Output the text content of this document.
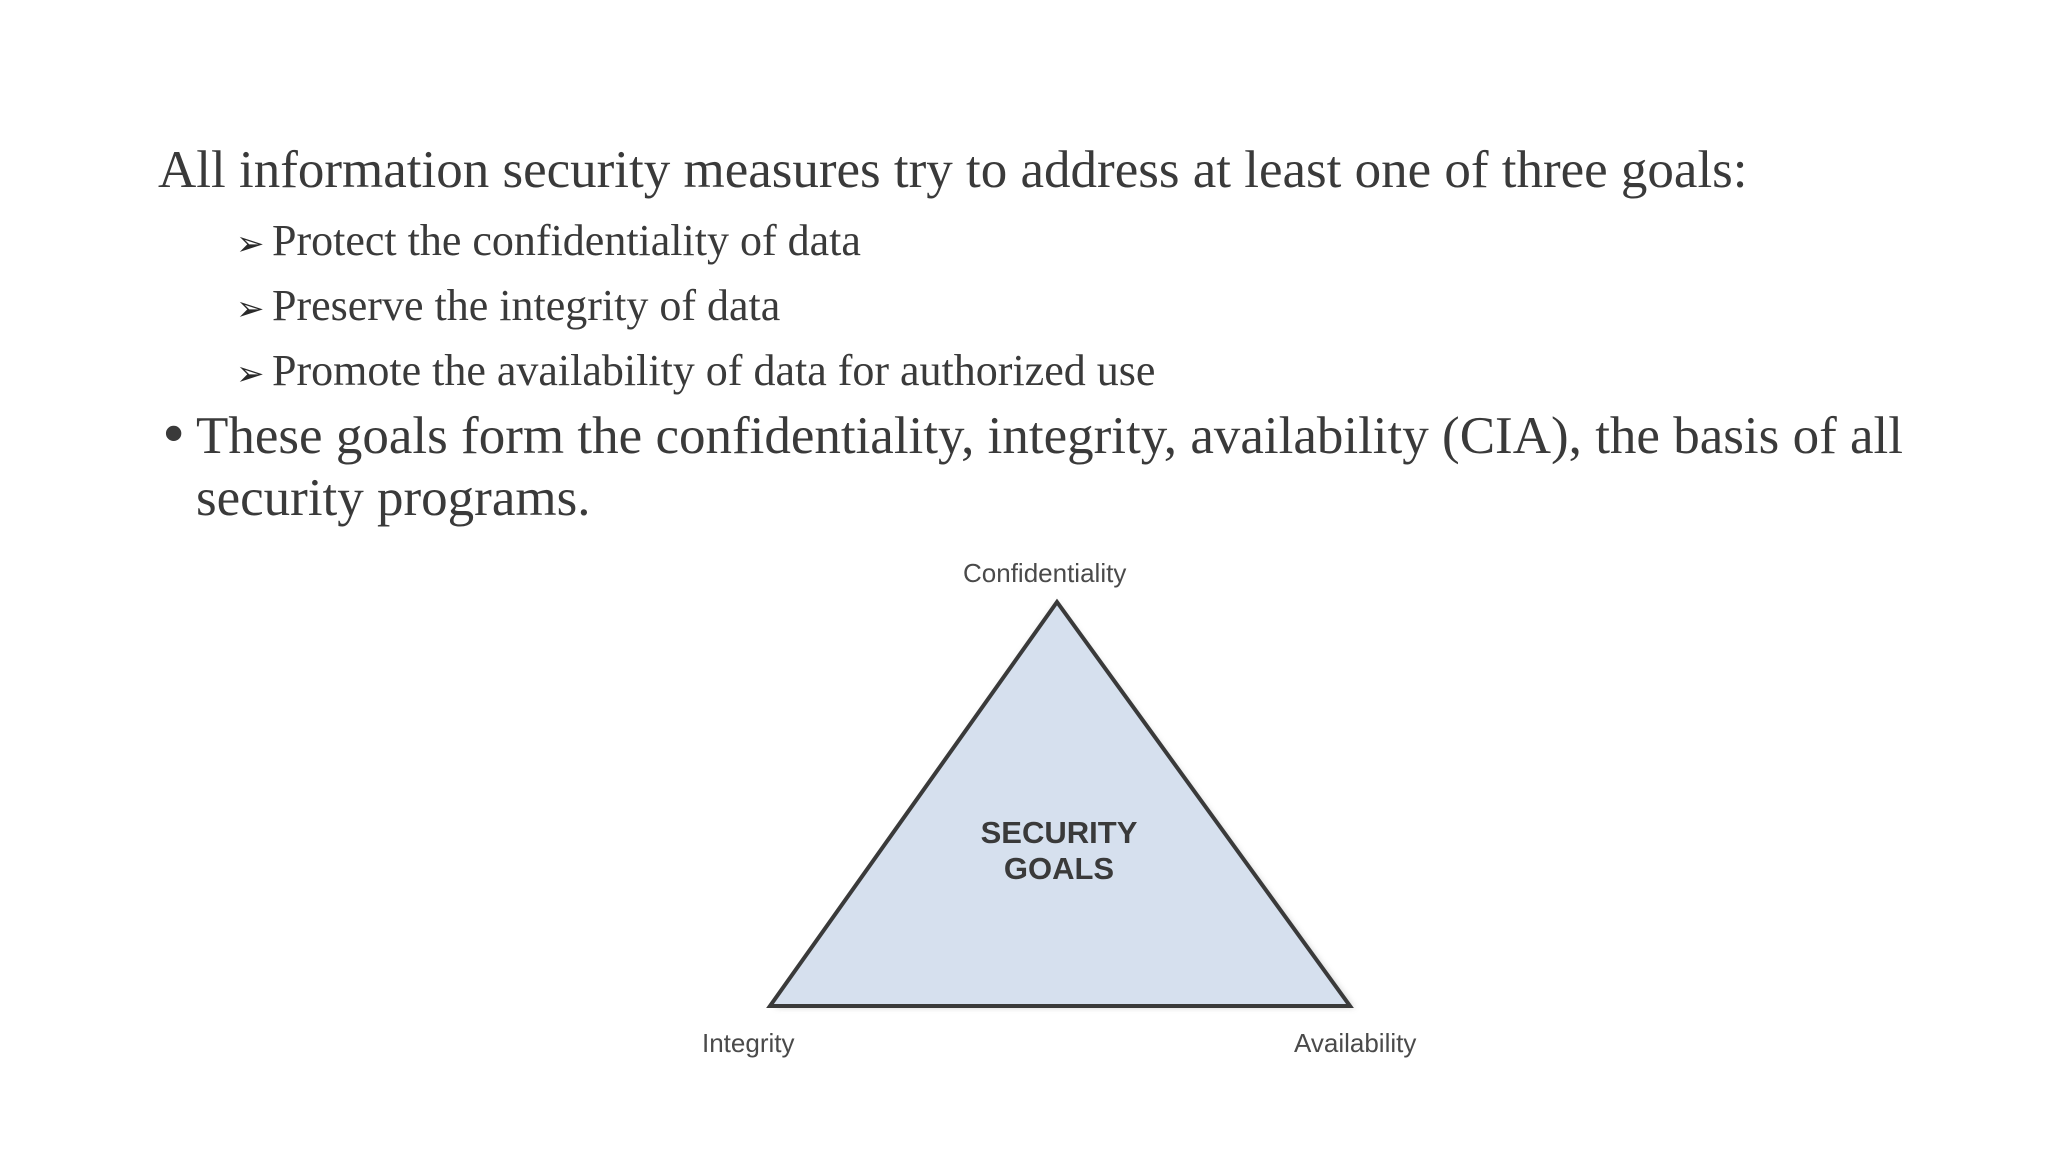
All information security measures try to address at least one of three goals:

➢ Protect the confidentiality of data
➢ Preserve the integrity of data
➢ Promote the availability of data for authorized use
• These goals form the confidentiality, integrity, availability (CIA), the basis of all security programs.

Confidentiality
Integrity	Availability
SECURITY
GOALS
